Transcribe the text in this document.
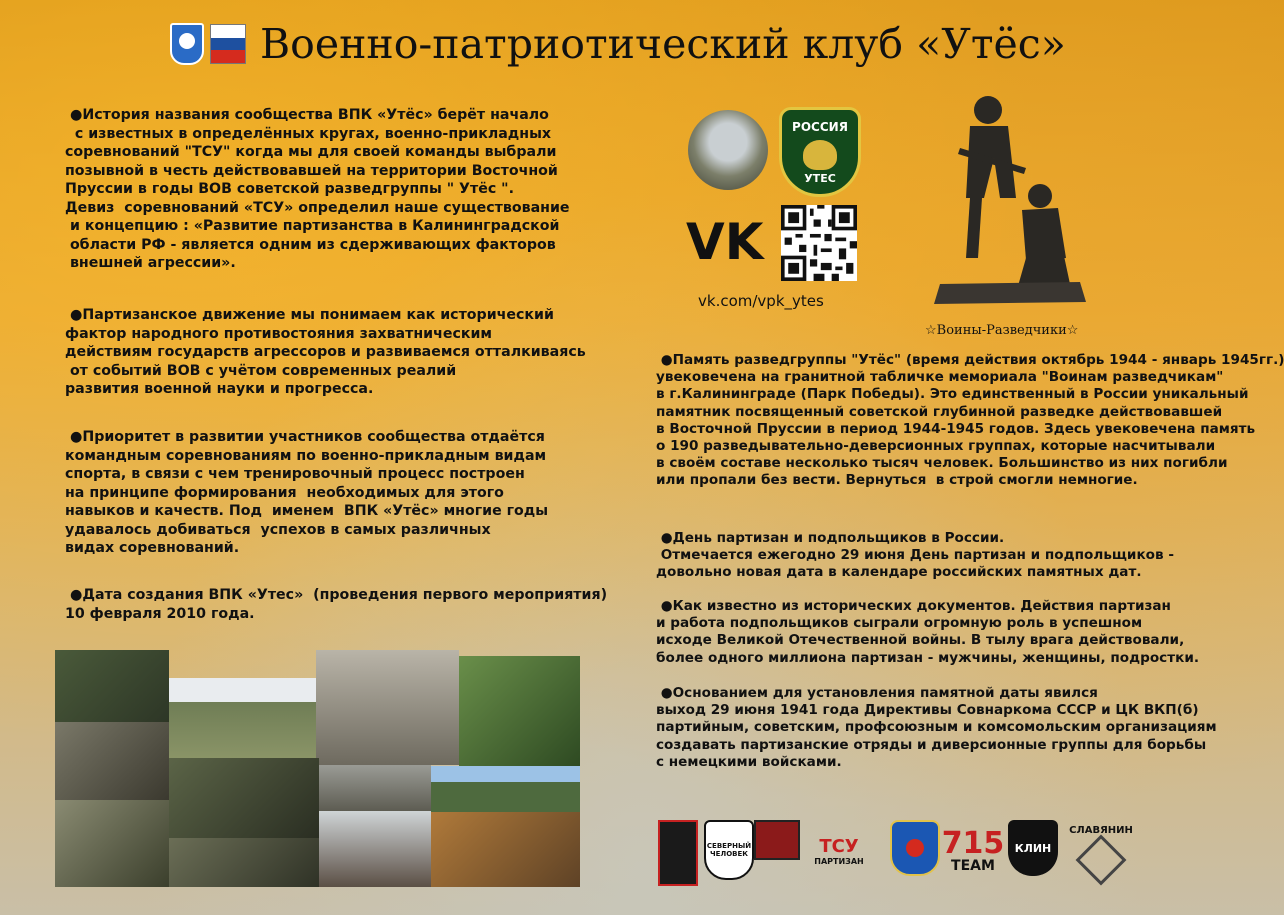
Военно-патриотический клуб «Утёс»
●История названия сообщества ВПК «Утёс» берёт начало
с известных в определённых кругах, военно-прикладных
соревнований "ТСУ" когда мы для своей команды выбрали
позывной в честь действовавшей на территории Восточной
Пруссии в годы ВОВ советской разведгруппы " Утёс ".
Девиз  соревнований «ТСУ» определил наше существование
и концепцию : «Развитие партизанства в Калининградской
области РФ - является одним из сдерживающих факторов
внешней агрессии».
●Партизанское движение мы понимаем как исторический
фактор народного противостояния захватническим
действиям государств агрессоров и развиваемся отталкиваясь
от событий ВОВ с учётом современных реалий
развития военной науки и прогресса.
●Приоритет в развитии участников сообщества отдаётся
командным соревнованиям по военно-прикладным видам
спорта, в связи с чем тренировочный процесс построен
на принципе формирования  необходимых для этого
навыков и качеств. Под  именем  ВПК «Утёс» многие годы
удавалось добиваться  успехов в самых различных
видах соревнований.
●Дата создания ВПК «Утес»  (проведения первого мероприятия)
10 февраля 2010 года.
РОССИЯ
УТЕС
VK
vk.com/vpk_ytes
☆Воины-Разведчики☆
●Память разведгруппы "Утёс" (время действия октябрь 1944 - январь 1945гг.)
увековечена на гранитной табличке мемориала "Воинам разведчикам"
в г.Калининграде (Парк Победы). Это единственный в России уникальный
памятник посвященный советской глубинной разведке действовавшей
в Восточной Пруссии в период 1944-1945 годов. Здесь увековечена память
о 190 разведывательно-деверсионных группах, которые насчитывали
в своём составе несколько тысяч человек. Большинство из них погибли
или пропали без вести. Вернуться  в строй смогли немногие.
●День партизан и подпольщиков в России.
Отмечается ежегодно 29 июня День партизан и подпольщиков -
довольно новая дата в календаре российских памятных дат.
●Как известно из исторических документов. Действия партизан
и работа подпольщиков сыграли огромную роль в успешном
исходе Великой Отечественной войны. В тылу врага действовали,
более одного миллиона партизан - мужчины, женщины, подростки.
●Основанием для установления памятной даты явился
выход 29 июня 1941 года Директивы Совнаркома СССР и ЦК ВКП(б)
партийным, советским, профсоюзным и комсомольским организациям
создавать партизанские отряды и диверсионные группы для борьбы
с немецкими войсками.
СЕВЕРНЫЙ ЧЕЛОВЕК	ТСУ
ПАРТИЗАН
715
TEAM
КЛИН
СЛАВЯНИН
